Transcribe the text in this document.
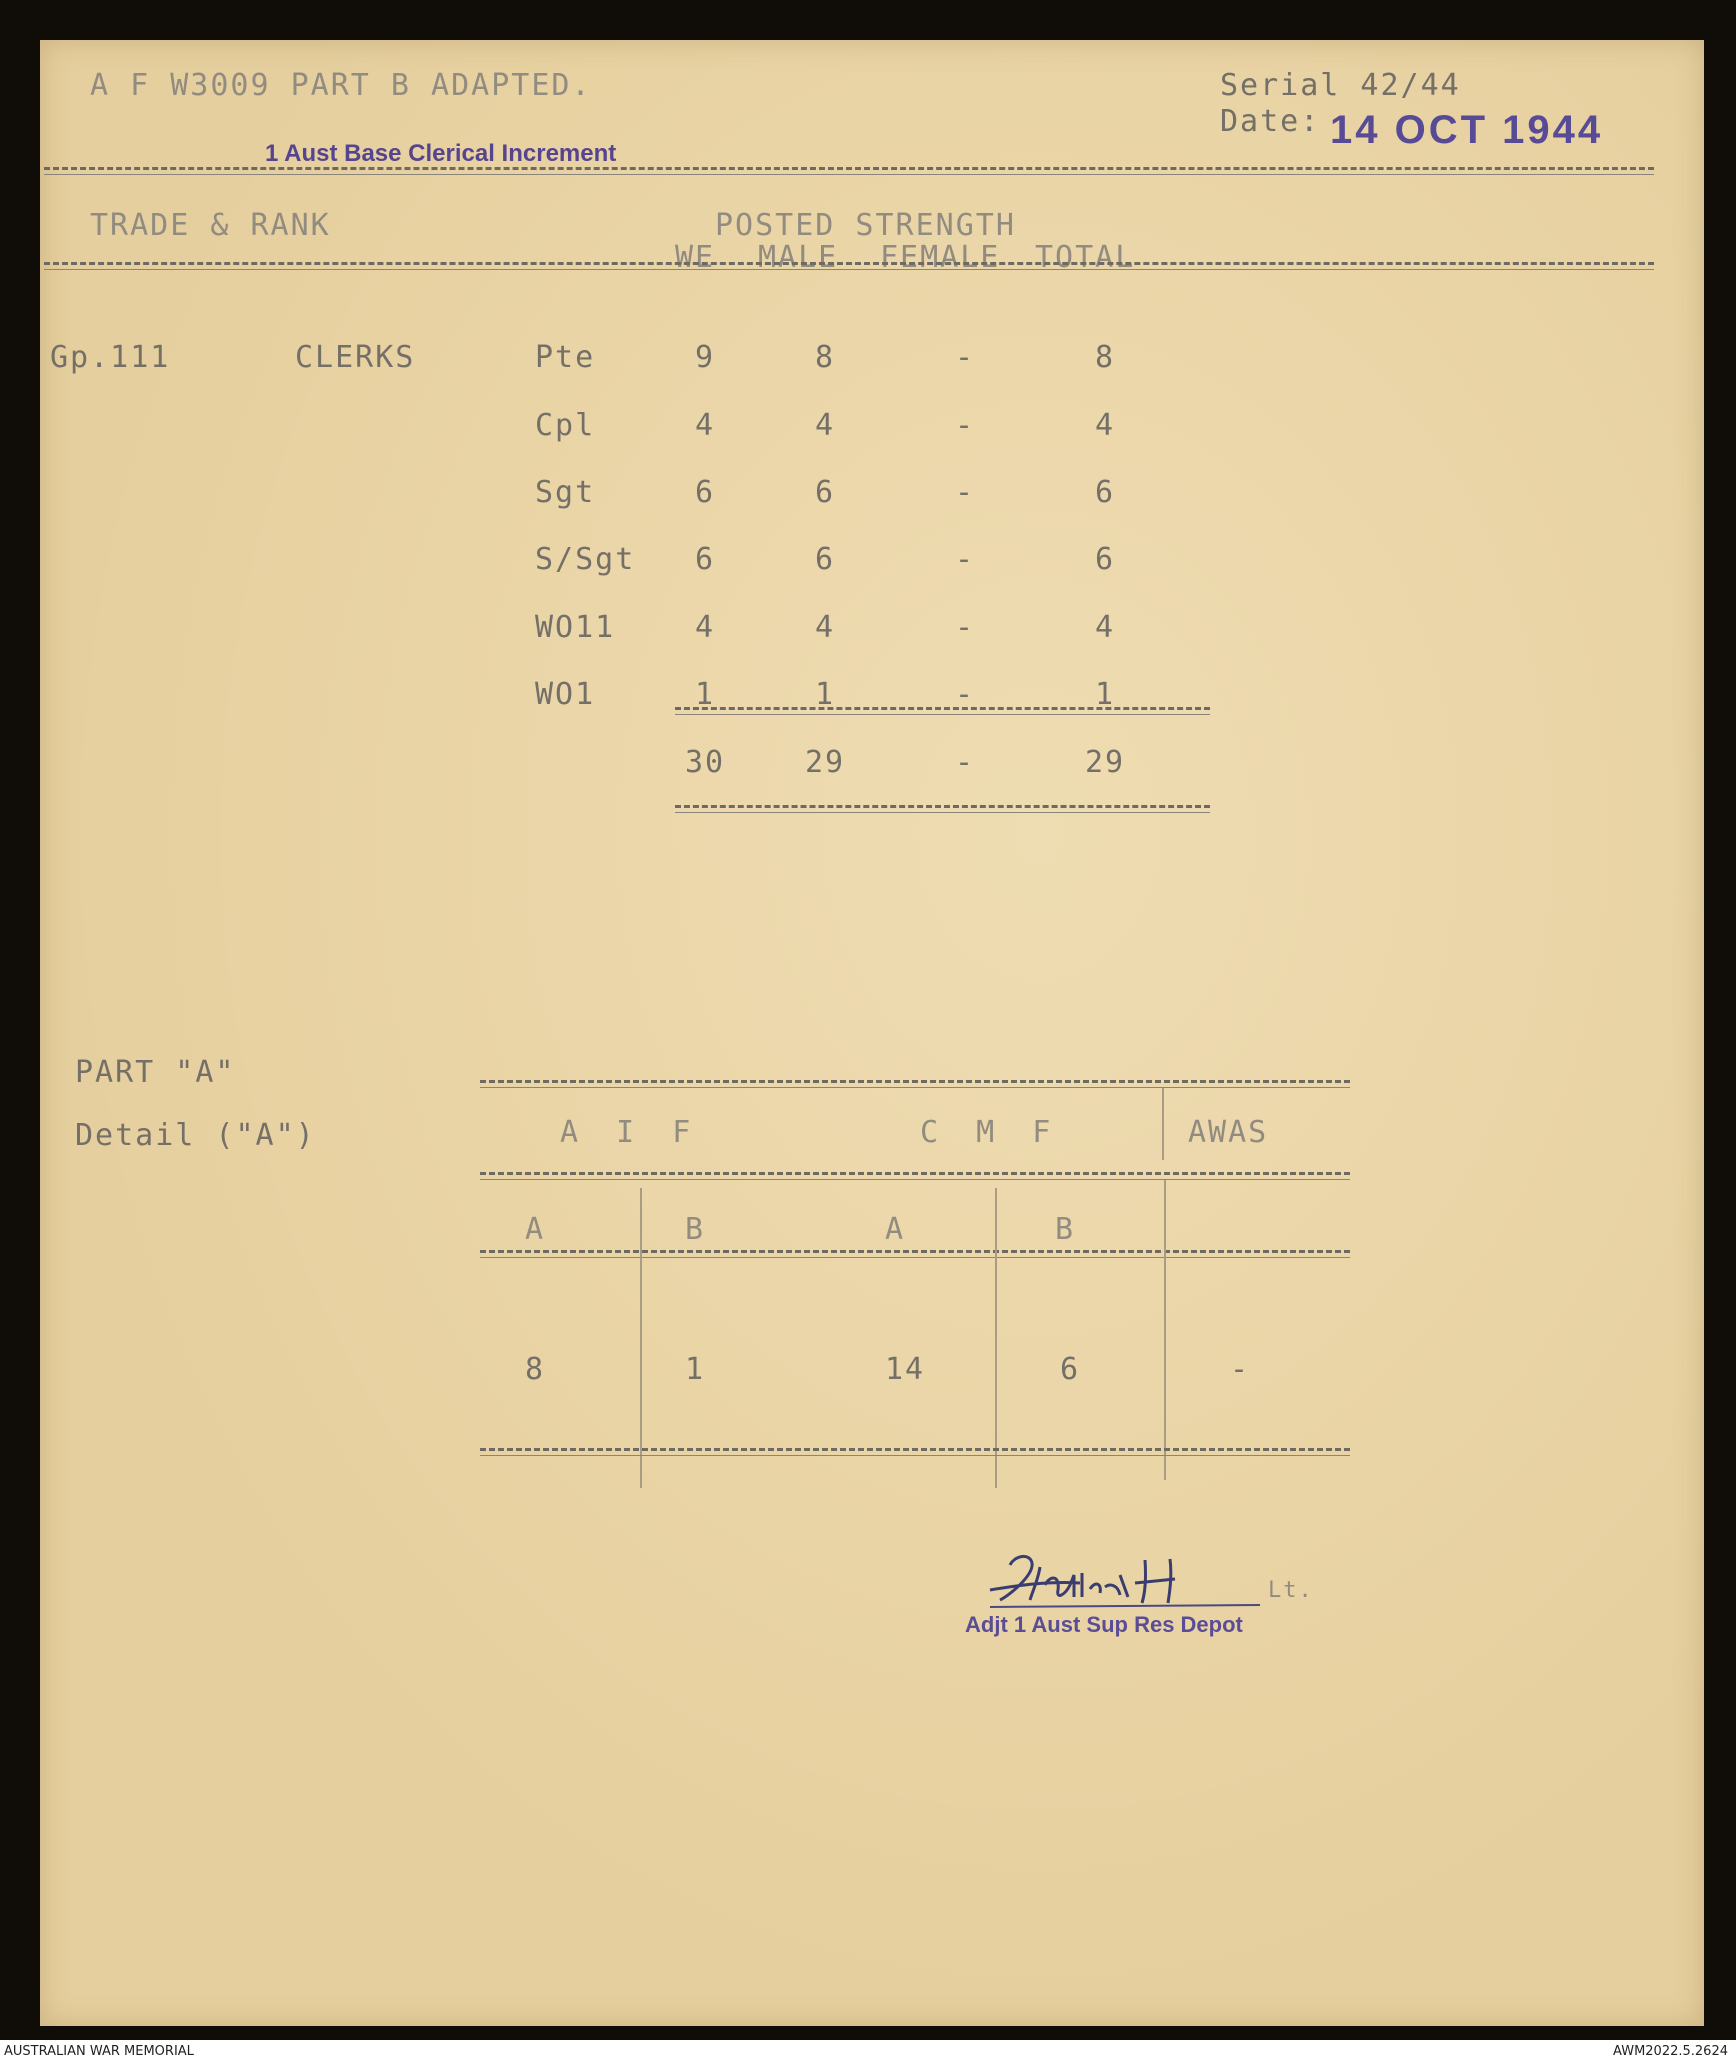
A F W3009 PART B ADAPTED.
1 Aust Base Clerical Increment
Serial 42/44
Date: 14 OCT 1944
TRADE & RANK	POSTED STRENGTH
WE MALE FEMALE TOTAL
Gp.111	CLERKS	Pte	9	8	-	8
Cpl	4	4	-	4
Sgt	6	6	-	6
S/Sgt	6	6	-	6
WO11	4	4	-	4
WO1	1	1	-	1
30	29	-	29
PART "A"
Detail ("A")	A I F	C M F	AWAS
A	B	A	B
8	1	14	6	-
Lt.
Adjt 1 Aust Sup Res Depot
AUSTRALIAN WAR MEMORIAL	AWM2022.5.2624
